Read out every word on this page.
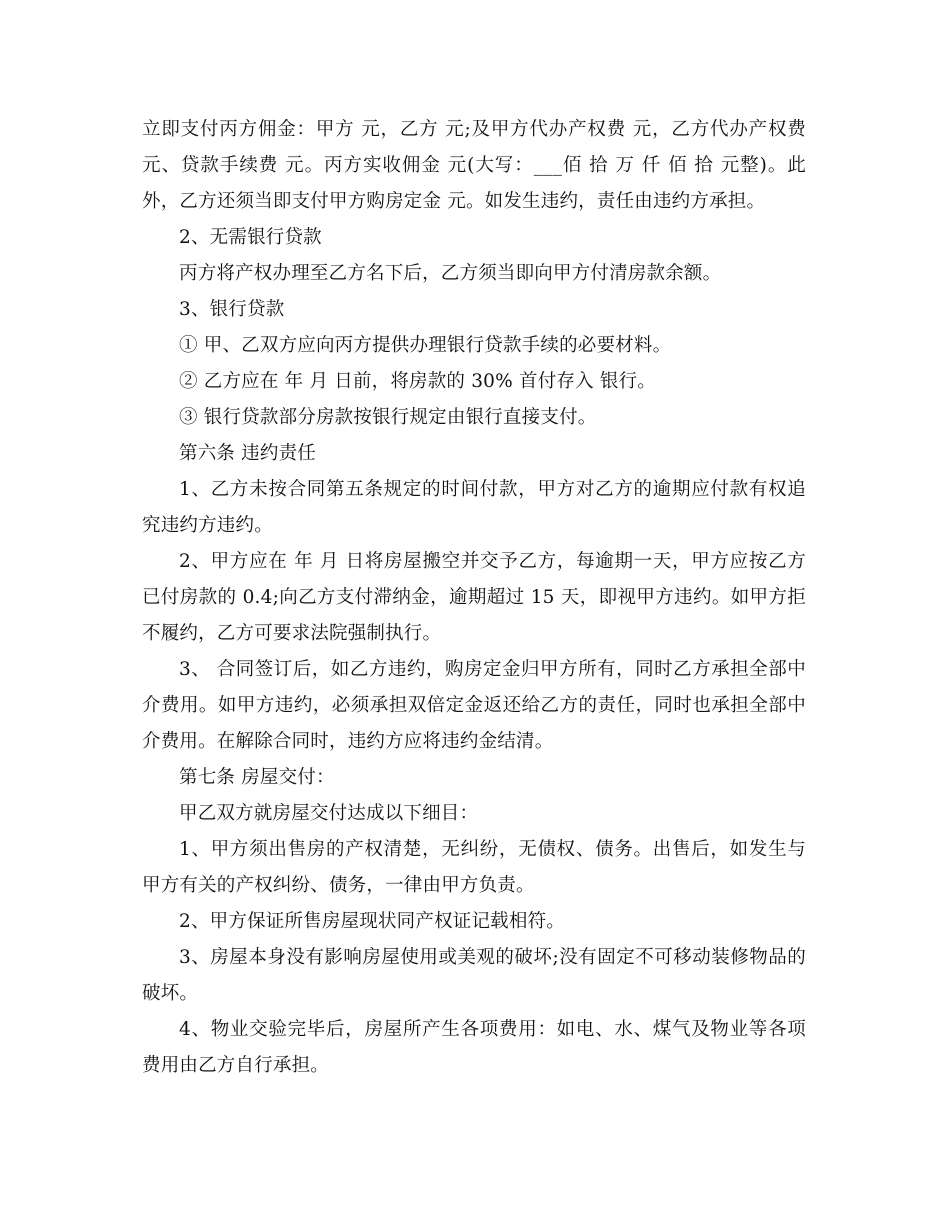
立即支付丙方佣金：甲方 元，乙方 元;及甲方代办产权费 元，乙方代办产权费 元、贷款手续费 元。丙方实收佣金 元(大写：___佰 拾 万 仟 佰 拾 元整)。此外，乙方还须当即支付甲方购房定金 元。如发生违约，责任由违约方承担。

2、无需银行贷款

丙方将产权办理至乙方名下后，乙方须当即向甲方付清房款余额。

3、银行贷款

① 甲、乙双方应向丙方提供办理银行贷款手续的必要材料。

② 乙方应在 年 月 日前，将房款的 30% 首付存入 银行。

③ 银行贷款部分房款按银行规定由银行直接支付。

第六条 违约责任

1、乙方未按合同第五条规定的时间付款，甲方对乙方的逾期应付款有权追究违约方违约。

2、甲方应在 年 月 日将房屋搬空并交予乙方，每逾期一天，甲方应按乙方已付房款的 0.4;向乙方支付滞纳金，逾期超过 15 天，即视甲方违约。如甲方拒不履约，乙方可要求法院强制执行。

3、 合同签订后，如乙方违约，购房定金归甲方所有，同时乙方承担全部中介费用。如甲方违约，必须承担双倍定金返还给乙方的责任，同时也承担全部中介费用。在解除合同时，违约方应将违约金结清。

第七条 房屋交付：

甲乙双方就房屋交付达成以下细目：

1、甲方须出售房的产权清楚，无纠纷，无债权、债务。出售后，如发生与甲方有关的产权纠纷、债务，一律由甲方负责。

2、甲方保证所售房屋现状同产权证记载相符。

3、房屋本身没有影响房屋使用或美观的破坏;没有固定不可移动装修物品的破坏。

4、物业交验完毕后，房屋所产生各项费用：如电、水、煤气及物业等各项费用由乙方自行承担。
